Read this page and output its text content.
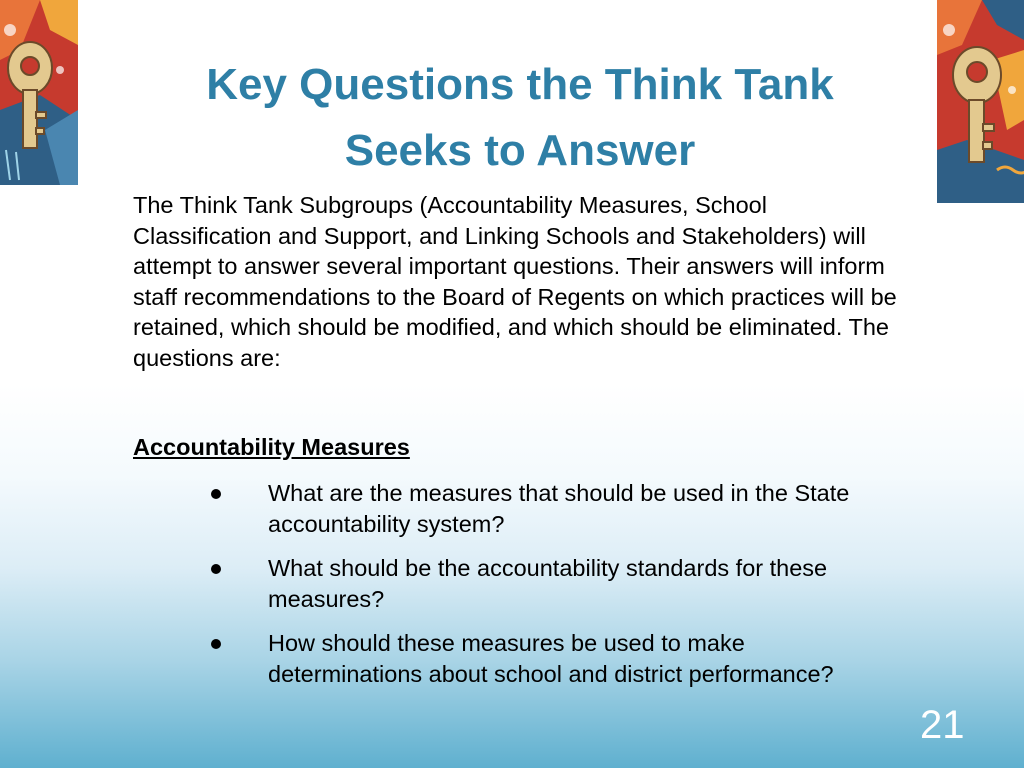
Key Questions the Think Tank
Seeks to Answer

The Think Tank Subgroups (Accountability Measures, School Classification and Support, and Linking Schools and Stakeholders) will attempt to answer several important questions. Their answers will inform staff recommendations to the Board of Regents on which practices will be retained, which should be modified, and which should be eliminated. The questions are:

Accountability Measures
What are the measures that should be used in the State accountability system?
What should be the accountability standards for these measures?
How should these measures be used to make determinations about school and district performance?
21
